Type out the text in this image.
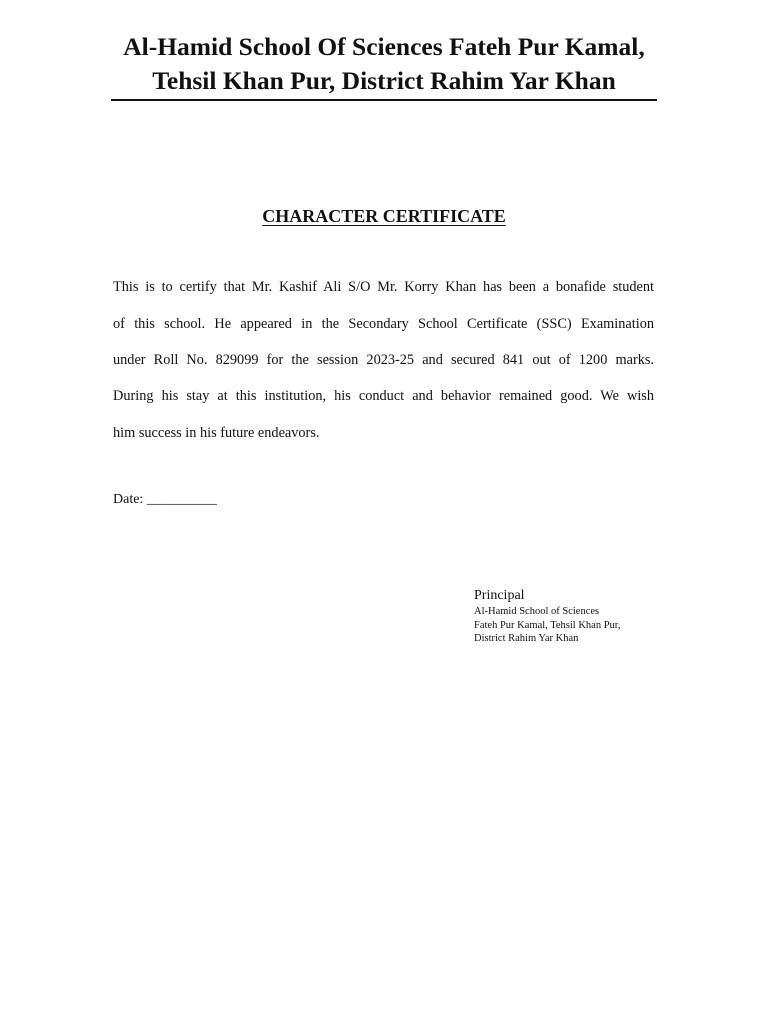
Al-Hamid School Of Sciences Fateh Pur Kamal,
Tehsil Khan Pur, District Rahim Yar Khan
CHARACTER CERTIFICATE
This is to certify that Mr. Kashif Ali S/O Mr. Korry Khan has been a bonafide student
of this school. He appeared in the Secondary School Certificate (SSC) Examination
under Roll No. 829099 for the session 2023-25 and secured 841 out of 1200 marks.
During his stay at this institution, his conduct and behavior remained good. We wish
him success in his future endeavors.
Date: __________
Principal
Al-Hamid School of Sciences
Fateh Pur Kamal, Tehsil Khan Pur,
District Rahim Yar Khan
